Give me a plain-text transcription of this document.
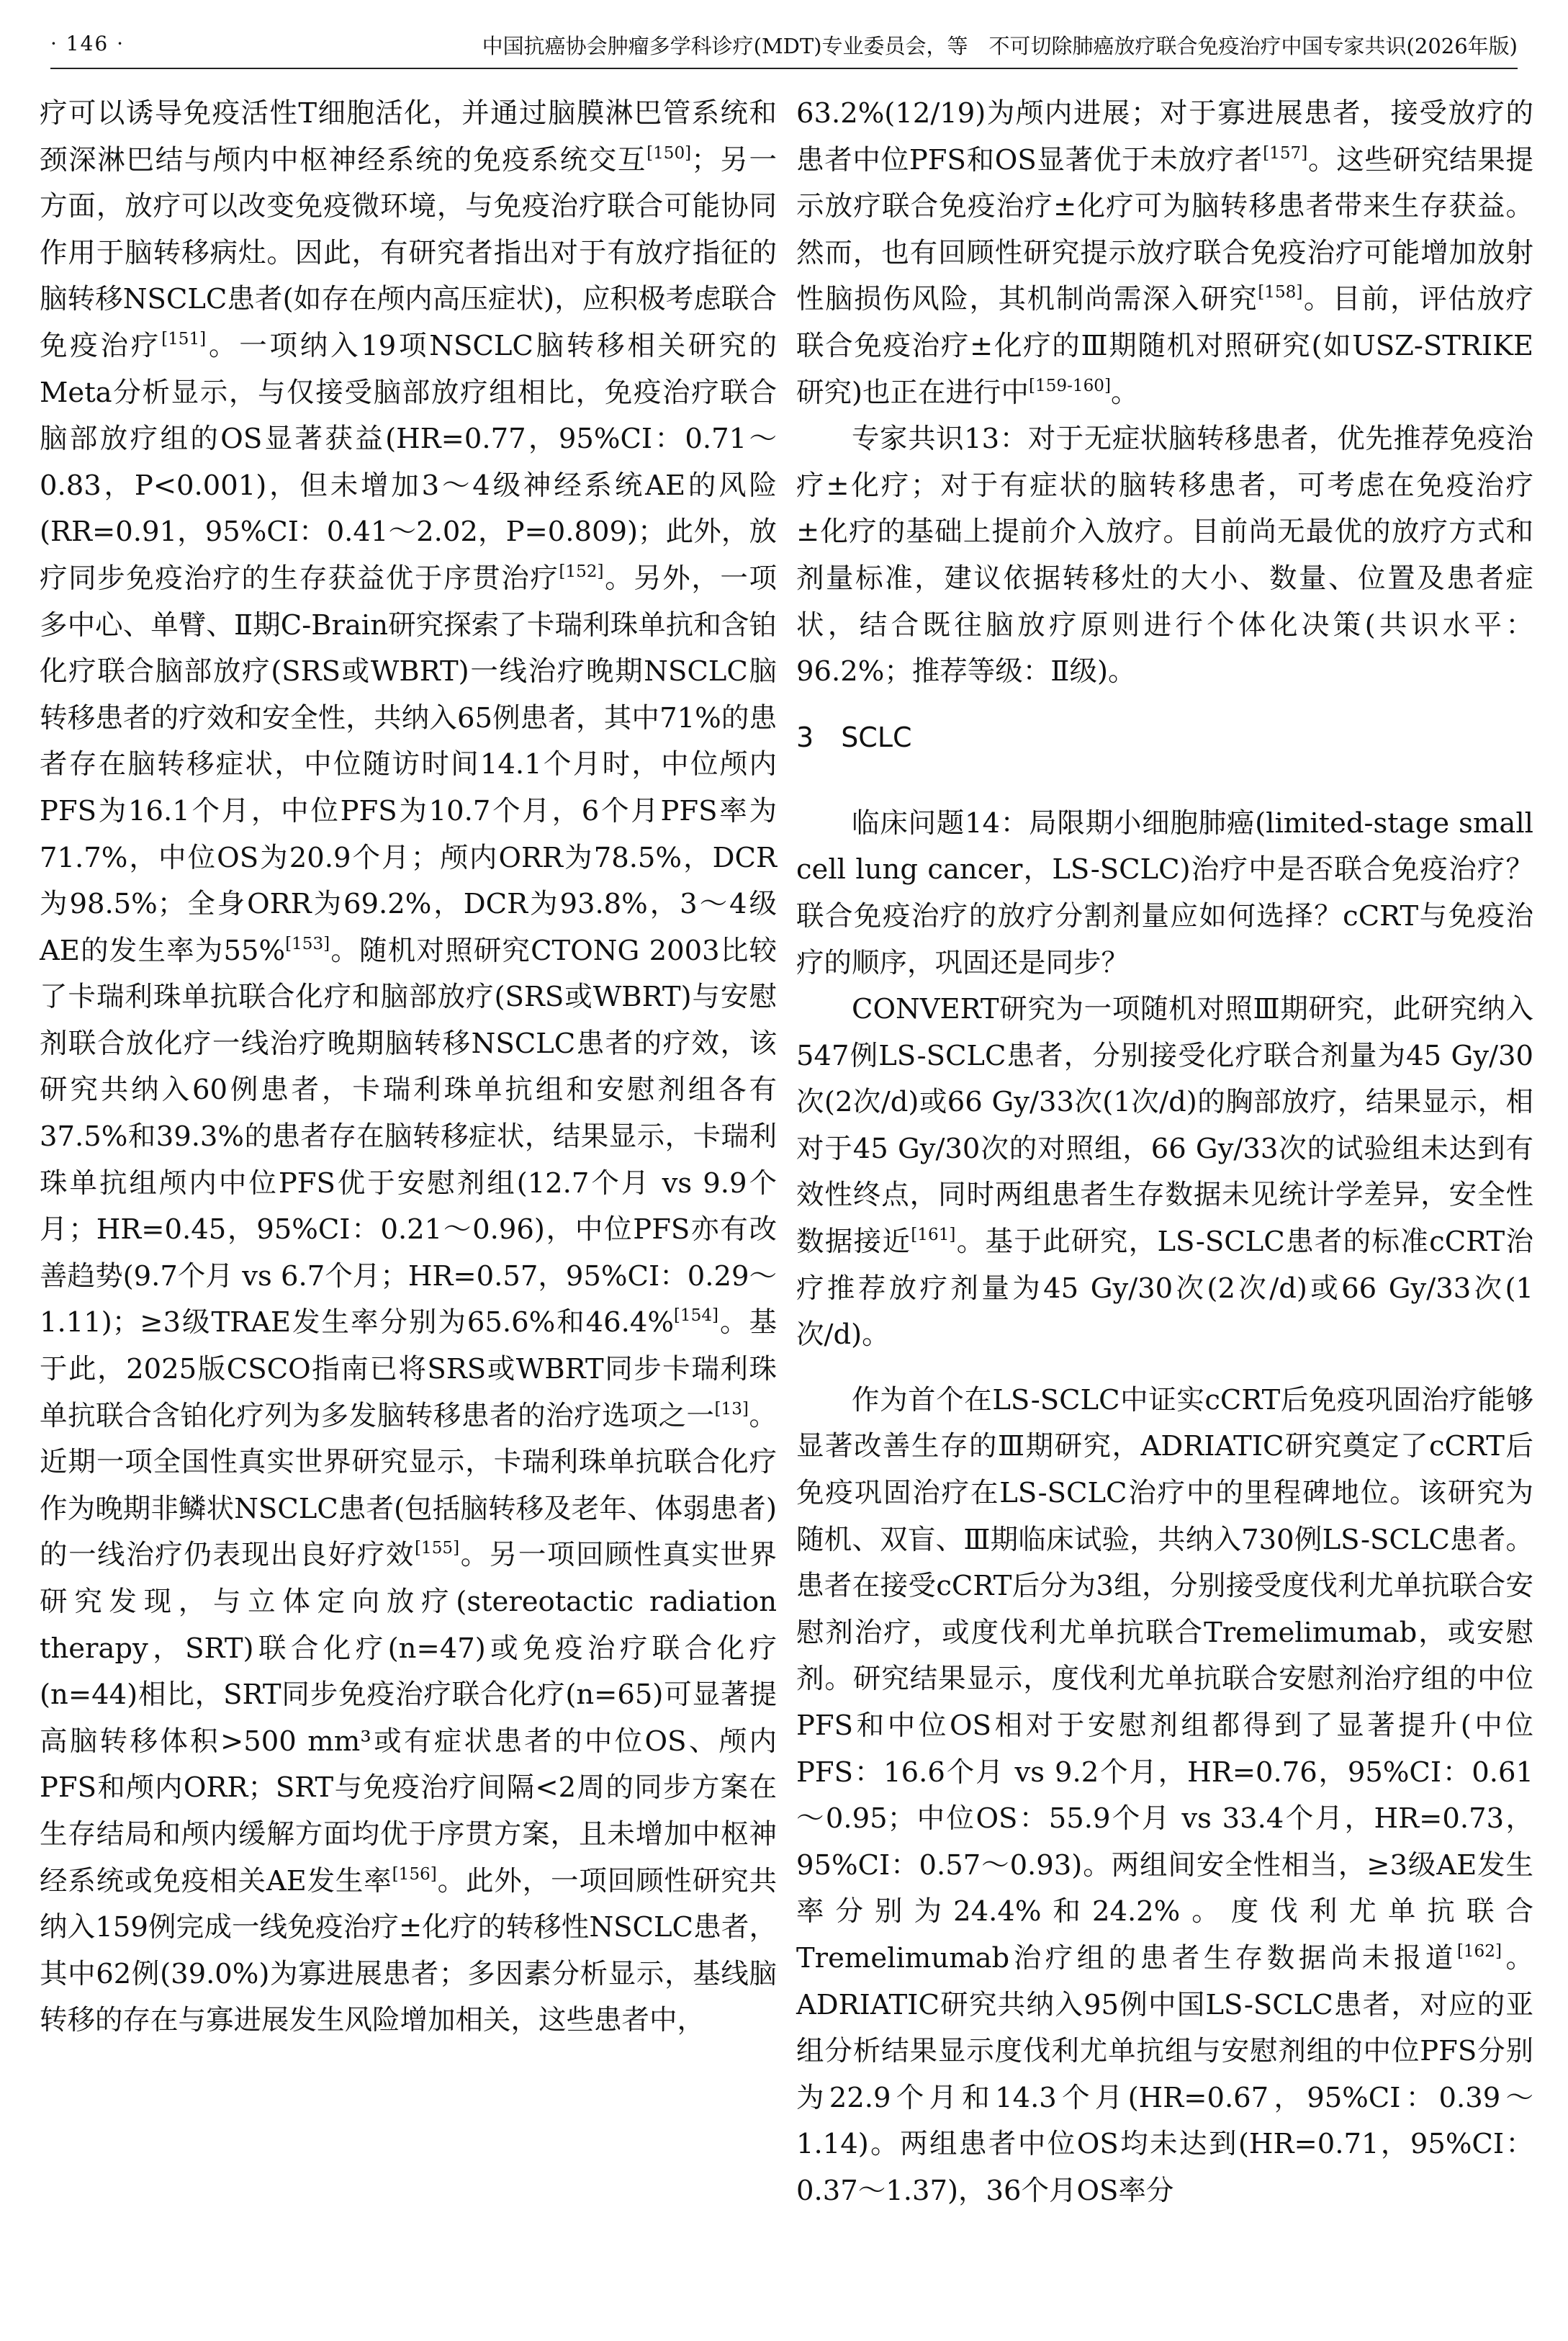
· 146 ·	中国抗癌协会肿瘤多学科诊疗(MDT)专业委员会，等　不可切除肺癌放疗联合免疫治疗中国专家共识(2026年版)

疗可以诱导免疫活性T细胞活化，并通过脑膜淋巴管系统和颈深淋巴结与颅内中枢神经系统的免疫系统交互[150]；另一方面，放疗可以改变免疫微环境，与免疫治疗联合可能协同作用于脑转移病灶。因此，有研究者指出对于有放疗指征的脑转移NSCLC患者(如存在颅内高压症状)，应积极考虑联合免疫治疗[151]。一项纳入19项NSCLC脑转移相关研究的Meta分析显示，与仅接受脑部放疗组相比，免疫治疗联合脑部放疗组的OS显著获益(HR=0.77，95%CI：0.71～0.83，P<0.001)，但未增加3～4级神经系统AE的风险(RR=0.91，95%CI：0.41～2.02，P=0.809)；此外，放疗同步免疫治疗的生存获益优于序贯治疗[152]。另外，一项多中心、单臂、Ⅱ期C-Brain研究探索了卡瑞利珠单抗和含铂化疗联合脑部放疗(SRS或WBRT)一线治疗晚期NSCLC脑转移患者的疗效和安全性，共纳入65例患者，其中71%的患者存在脑转移症状，中位随访时间14.1个月时，中位颅内PFS为16.1个月，中位PFS为10.7个月，6个月PFS率为71.7%，中位OS为20.9个月；颅内ORR为78.5%，DCR为98.5%；全身ORR为69.2%，DCR为93.8%，3～4级AE的发生率为55%[153]。随机对照研究CTONG 2003比较了卡瑞利珠单抗联合化疗和脑部放疗(SRS或WBRT)与安慰剂联合放化疗一线治疗晚期脑转移NSCLC患者的疗效，该研究共纳入60例患者，卡瑞利珠单抗组和安慰剂组各有37.5%和39.3%的患者存在脑转移症状，结果显示，卡瑞利珠单抗组颅内中位PFS优于安慰剂组(12.7个月 vs 9.9个月；HR=0.45，95%CI：0.21～0.96)，中位PFS亦有改善趋势(9.7个月 vs 6.7个月；HR=0.57，95%CI：0.29～1.11)；≥3级TRAE发生率分别为65.6%和46.4%[154]。基于此，2025版CSCO指南已将SRS或WBRT同步卡瑞利珠单抗联合含铂化疗列为多发脑转移患者的治疗选项之一[13]。近期一项全国性真实世界研究显示，卡瑞利珠单抗联合化疗作为晚期非鳞状NSCLC患者(包括脑转移及老年、体弱患者)的一线治疗仍表现出良好疗效[155]。另一项回顾性真实世界研究发现，与立体定向放疗(stereotactic radiation therapy，SRT)联合化疗(n=47)或免疫治疗联合化疗(n=44)相比，SRT同步免疫治疗联合化疗(n=65)可显著提高脑转移体积>500 mm³或有症状患者的中位OS、颅内PFS和颅内ORR；SRT与免疫治疗间隔<2周的同步方案在生存结局和颅内缓解方面均优于序贯方案，且未增加中枢神经系统或免疫相关AE发生率[156]。此外，一项回顾性研究共纳入159例完成一线免疫治疗±化疗的转移性NSCLC患者，其中62例(39.0%)为寡进展患者；多因素分析显示，基线脑转移的存在与寡进展发生风险增加相关，这些患者中，

63.2%(12/19)为颅内进展；对于寡进展患者，接受放疗的患者中位PFS和OS显著优于未放疗者[157]。这些研究结果提示放疗联合免疫治疗±化疗可为脑转移患者带来生存获益。然而，也有回顾性研究提示放疗联合免疫治疗可能增加放射性脑损伤风险，其机制尚需深入研究[158]。目前，评估放疗联合免疫治疗±化疗的Ⅲ期随机对照研究(如USZ-STRIKE研究)也正在进行中[159-160]。

专家共识13：对于无症状脑转移患者，优先推荐免疫治疗±化疗；对于有症状的脑转移患者，可考虑在免疫治疗±化疗的基础上提前介入放疗。目前尚无最优的放疗方式和剂量标准，建议依据转移灶的大小、数量、位置及患者症状，结合既往脑放疗原则进行个体化决策(共识水平：96.2%；推荐等级：Ⅱ级)。

3 SCLC

临床问题14：局限期小细胞肺癌(limited-stage small cell lung cancer，LS-SCLC)治疗中是否联合免疫治疗？联合免疫治疗的放疗分割剂量应如何选择？cCRT与免疫治疗的顺序，巩固还是同步？

CONVERT研究为一项随机对照Ⅲ期研究，此研究纳入547例LS-SCLC患者，分别接受化疗联合剂量为45 Gy/30次(2次/d)或66 Gy/33次(1次/d)的胸部放疗，结果显示，相对于45 Gy/30次的对照组，66 Gy/33次的试验组未达到有效性终点，同时两组患者生存数据未见统计学差异，安全性数据接近[161]。基于此研究，LS-SCLC患者的标准cCRT治疗推荐放疗剂量为45 Gy/30次(2次/d)或66 Gy/33次(1次/d)。

作为首个在LS-SCLC中证实cCRT后免疫巩固治疗能够显著改善生存的Ⅲ期研究，ADRIATIC研究奠定了cCRT后免疫巩固治疗在LS-SCLC治疗中的里程碑地位。该研究为随机、双盲、Ⅲ期临床试验，共纳入730例LS-SCLC患者。患者在接受cCRT后分为3组，分别接受度伐利尤单抗联合安慰剂治疗，或度伐利尤单抗联合Tremelimumab，或安慰剂。研究结果显示，度伐利尤单抗联合安慰剂治疗组的中位PFS和中位OS相对于安慰剂组都得到了显著提升(中位PFS：16.6个月 vs 9.2个月，HR=0.76，95%CI：0.61～0.95；中位OS：55.9个月 vs 33.4个月，HR=0.73，95%CI：0.57～0.93)。两组间安全性相当，≥3级AE发生率分别为24.4%和24.2%。度伐利尤单抗联合Tremelimumab治疗组的患者生存数据尚未报道[162]。ADRIATIC研究共纳入95例中国LS-SCLC患者，对应的亚组分析结果显示度伐利尤单抗组与安慰剂组的中位PFS分别为22.9个月和14.3个月(HR=0.67，95%CI：0.39～1.14)。两组患者中位OS均未达到(HR=0.71，95%CI：0.37～1.37)，36个月OS率分
